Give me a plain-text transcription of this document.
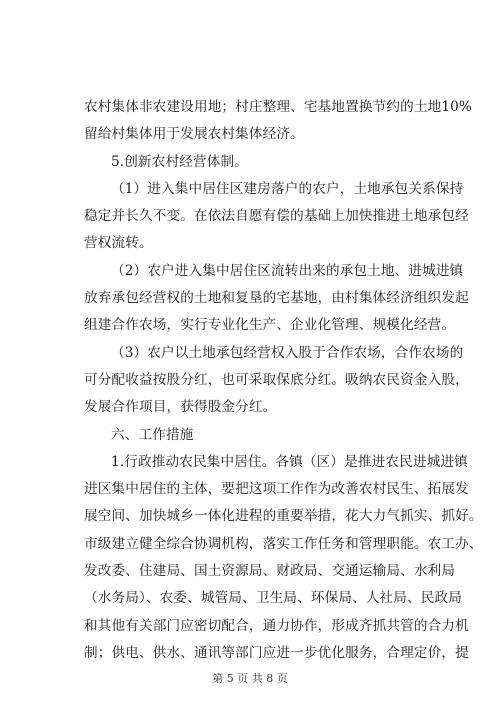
农村集体非农建设用地；村庄整理、宅基地置换节约的土地10%
留给村集体用于发展农村集体经济。
5.创新农村经营体制。
（1）进入集中居住区建房落户的农户，土地承包关系保持
稳定并长久不变。在依法自愿有偿的基础上加快推进土地承包经
营权流转。
（2）农户进入集中居住区流转出来的承包土地、进城进镇
放弃承包经营权的土地和复垦的宅基地，由村集体经济组织发起
组建合作农场，实行专业化生产、企业化管理、规模化经营。
（3）农户以土地承包经营权入股于合作农场，合作农场的
可分配收益按股分红，也可采取保底分红。吸纳农民资金入股，
发展合作项目，获得股金分红。
六、工作措施
1.行政推动农民集中居住。各镇（区）是推进农民进城进镇
进区集中居住的主体，要把这项工作作为改善农村民生、拓展发
展空间、加快城乡一体化进程的重要举措，花大力气抓实、抓好。
市级建立健全综合协调机构，落实工作任务和管理职能。农工办、
发改委、住建局、国土资源局、财政局、交通运输局、水利局
（水务局）、农委、城管局、卫生局、环保局、人社局、民政局
和其他有关部门应密切配合，通力协作，形成齐抓共管的合力机
制；供电、供水、通讯等部门应进一步优化服务，合理定价，提
第 5 页 共 8 页
